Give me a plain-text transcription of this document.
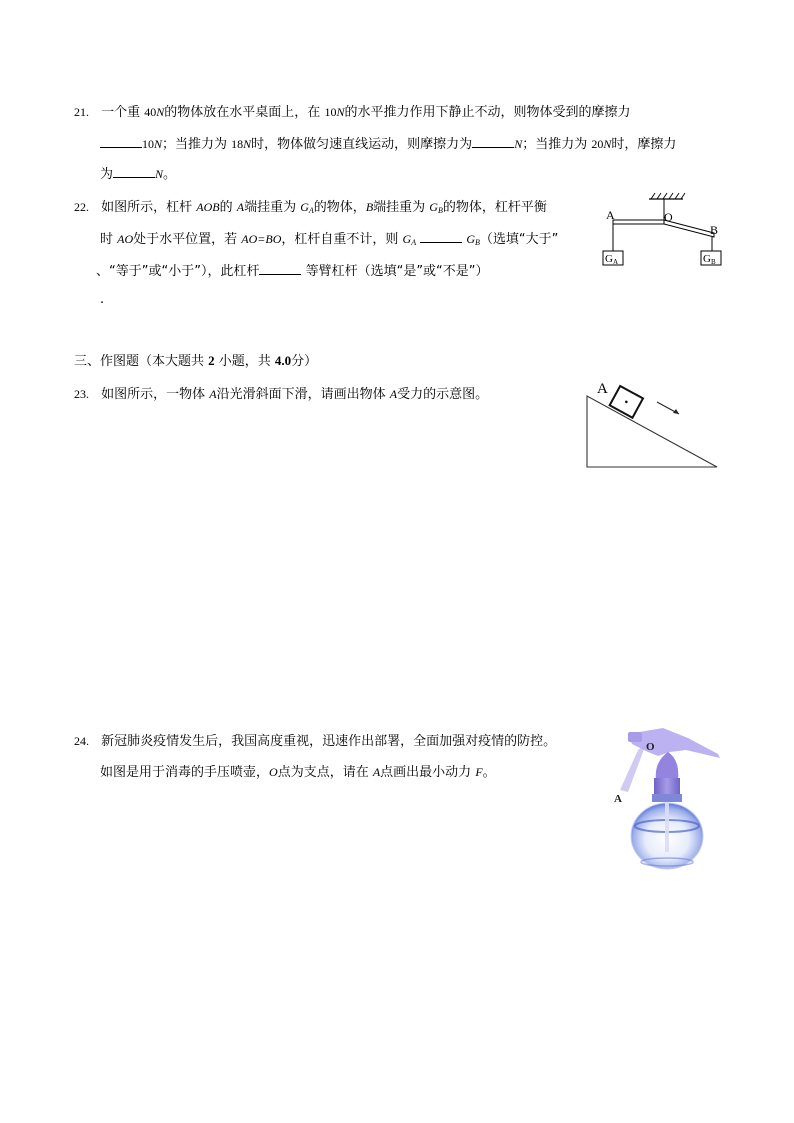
21. 一个重 40N的物体放在水平桌面上，在 10N的水平推力作用下静止不动，则物体受到的摩擦力
10N；当推力为 18N时，物体做匀速直线运动，则摩擦力为	N；当推力为 20N时，摩擦力
为	N。
22. 如图所示，杠杆 AOB的 A端挂重为 $G_A$的物体，B端挂重为 $G_B$的物体，杠杆平衡
时 AO处于水平位置，若 AO=BO，杠杆自重不计，则 $G_A$	$G_B$（选填“大于”
、“等于”或“小于”），此杠杆	等臂杠杆（选填“是”或“不是”）
.
G A	G B
A	O
B
三、作图题（本大题共 2 小题，共 4.0分）
23. 如图所示，一物体 A沿光滑斜面下滑，请画出物体 A受力的示意图。	A
24. 新冠肺炎疫情发生后，我国高度重视，迅速作出部署，全面加强对疫情的防控。
如图是用于消毒的手压喷壶，O点为支点，请在 A点画出最小动力 F。
O
A
